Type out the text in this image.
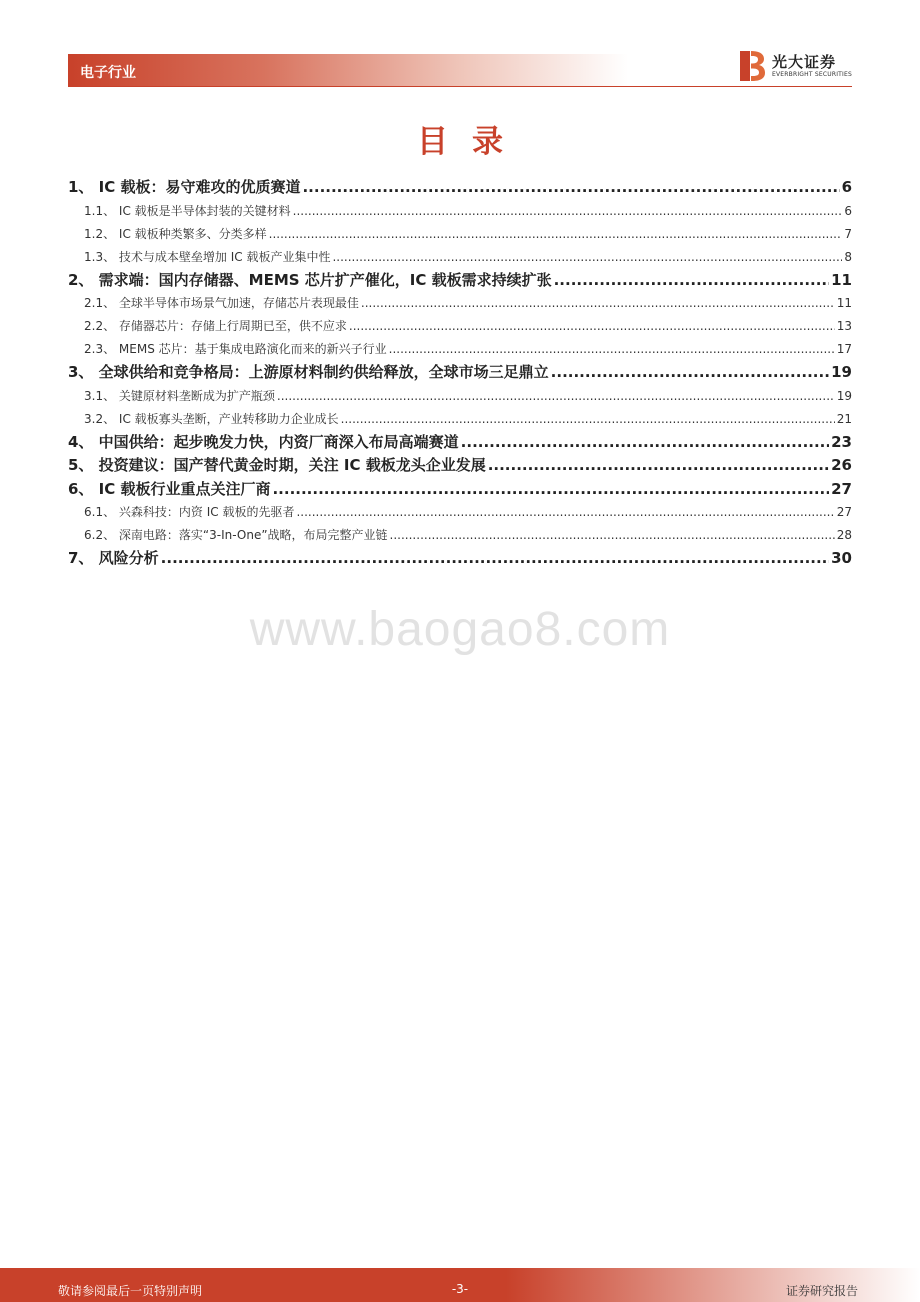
电子行业
光大证券
EVERBRIGHT SECURITIES
目录
1、 IC 载板：易守难攻的优质赛道 .....	6
1.1、 IC 载板是半导体封装的关键材料 .....	6
1.2、 IC 载板种类繁多、分类多样 .....	7
1.3、 技术与成本壁垒增加 IC 载板产业集中性 .....	8
2、 需求端：国内存储器、MEMS 芯片扩产催化，IC 载板需求持续扩张 .....	11
2.1、 全球半导体市场景气加速，存储芯片表现最佳 .....	11
2.2、 存储器芯片：存储上行周期已至，供不应求 .....	13
2.3、 MEMS 芯片：基于集成电路演化而来的新兴子行业 .....	17
3、 全球供给和竞争格局：上游原材料制约供给释放，全球市场三足鼎立 .....	19
3.1、 关键原材料垄断成为扩产瓶颈 .....	19
3.2、 IC 载板寡头垄断，产业转移助力企业成长 .....	21
4、 中国供给：起步晚发力快，内资厂商深入布局高端赛道 .....	23
5、 投资建议：国产替代黄金时期，关注 IC 载板龙头企业发展 .....	26
6、 IC 载板行业重点关注厂商 .....	27
6.1、 兴森科技：内资 IC 载板的先驱者 .....	27
6.2、 深南电路：落实“3-In-One”战略，布局完整产业链 .....	28
7、 风险分析 .....	30
www.baogao8.com
敬请参阅最后一页特别声明	-3-	证券研究报告
